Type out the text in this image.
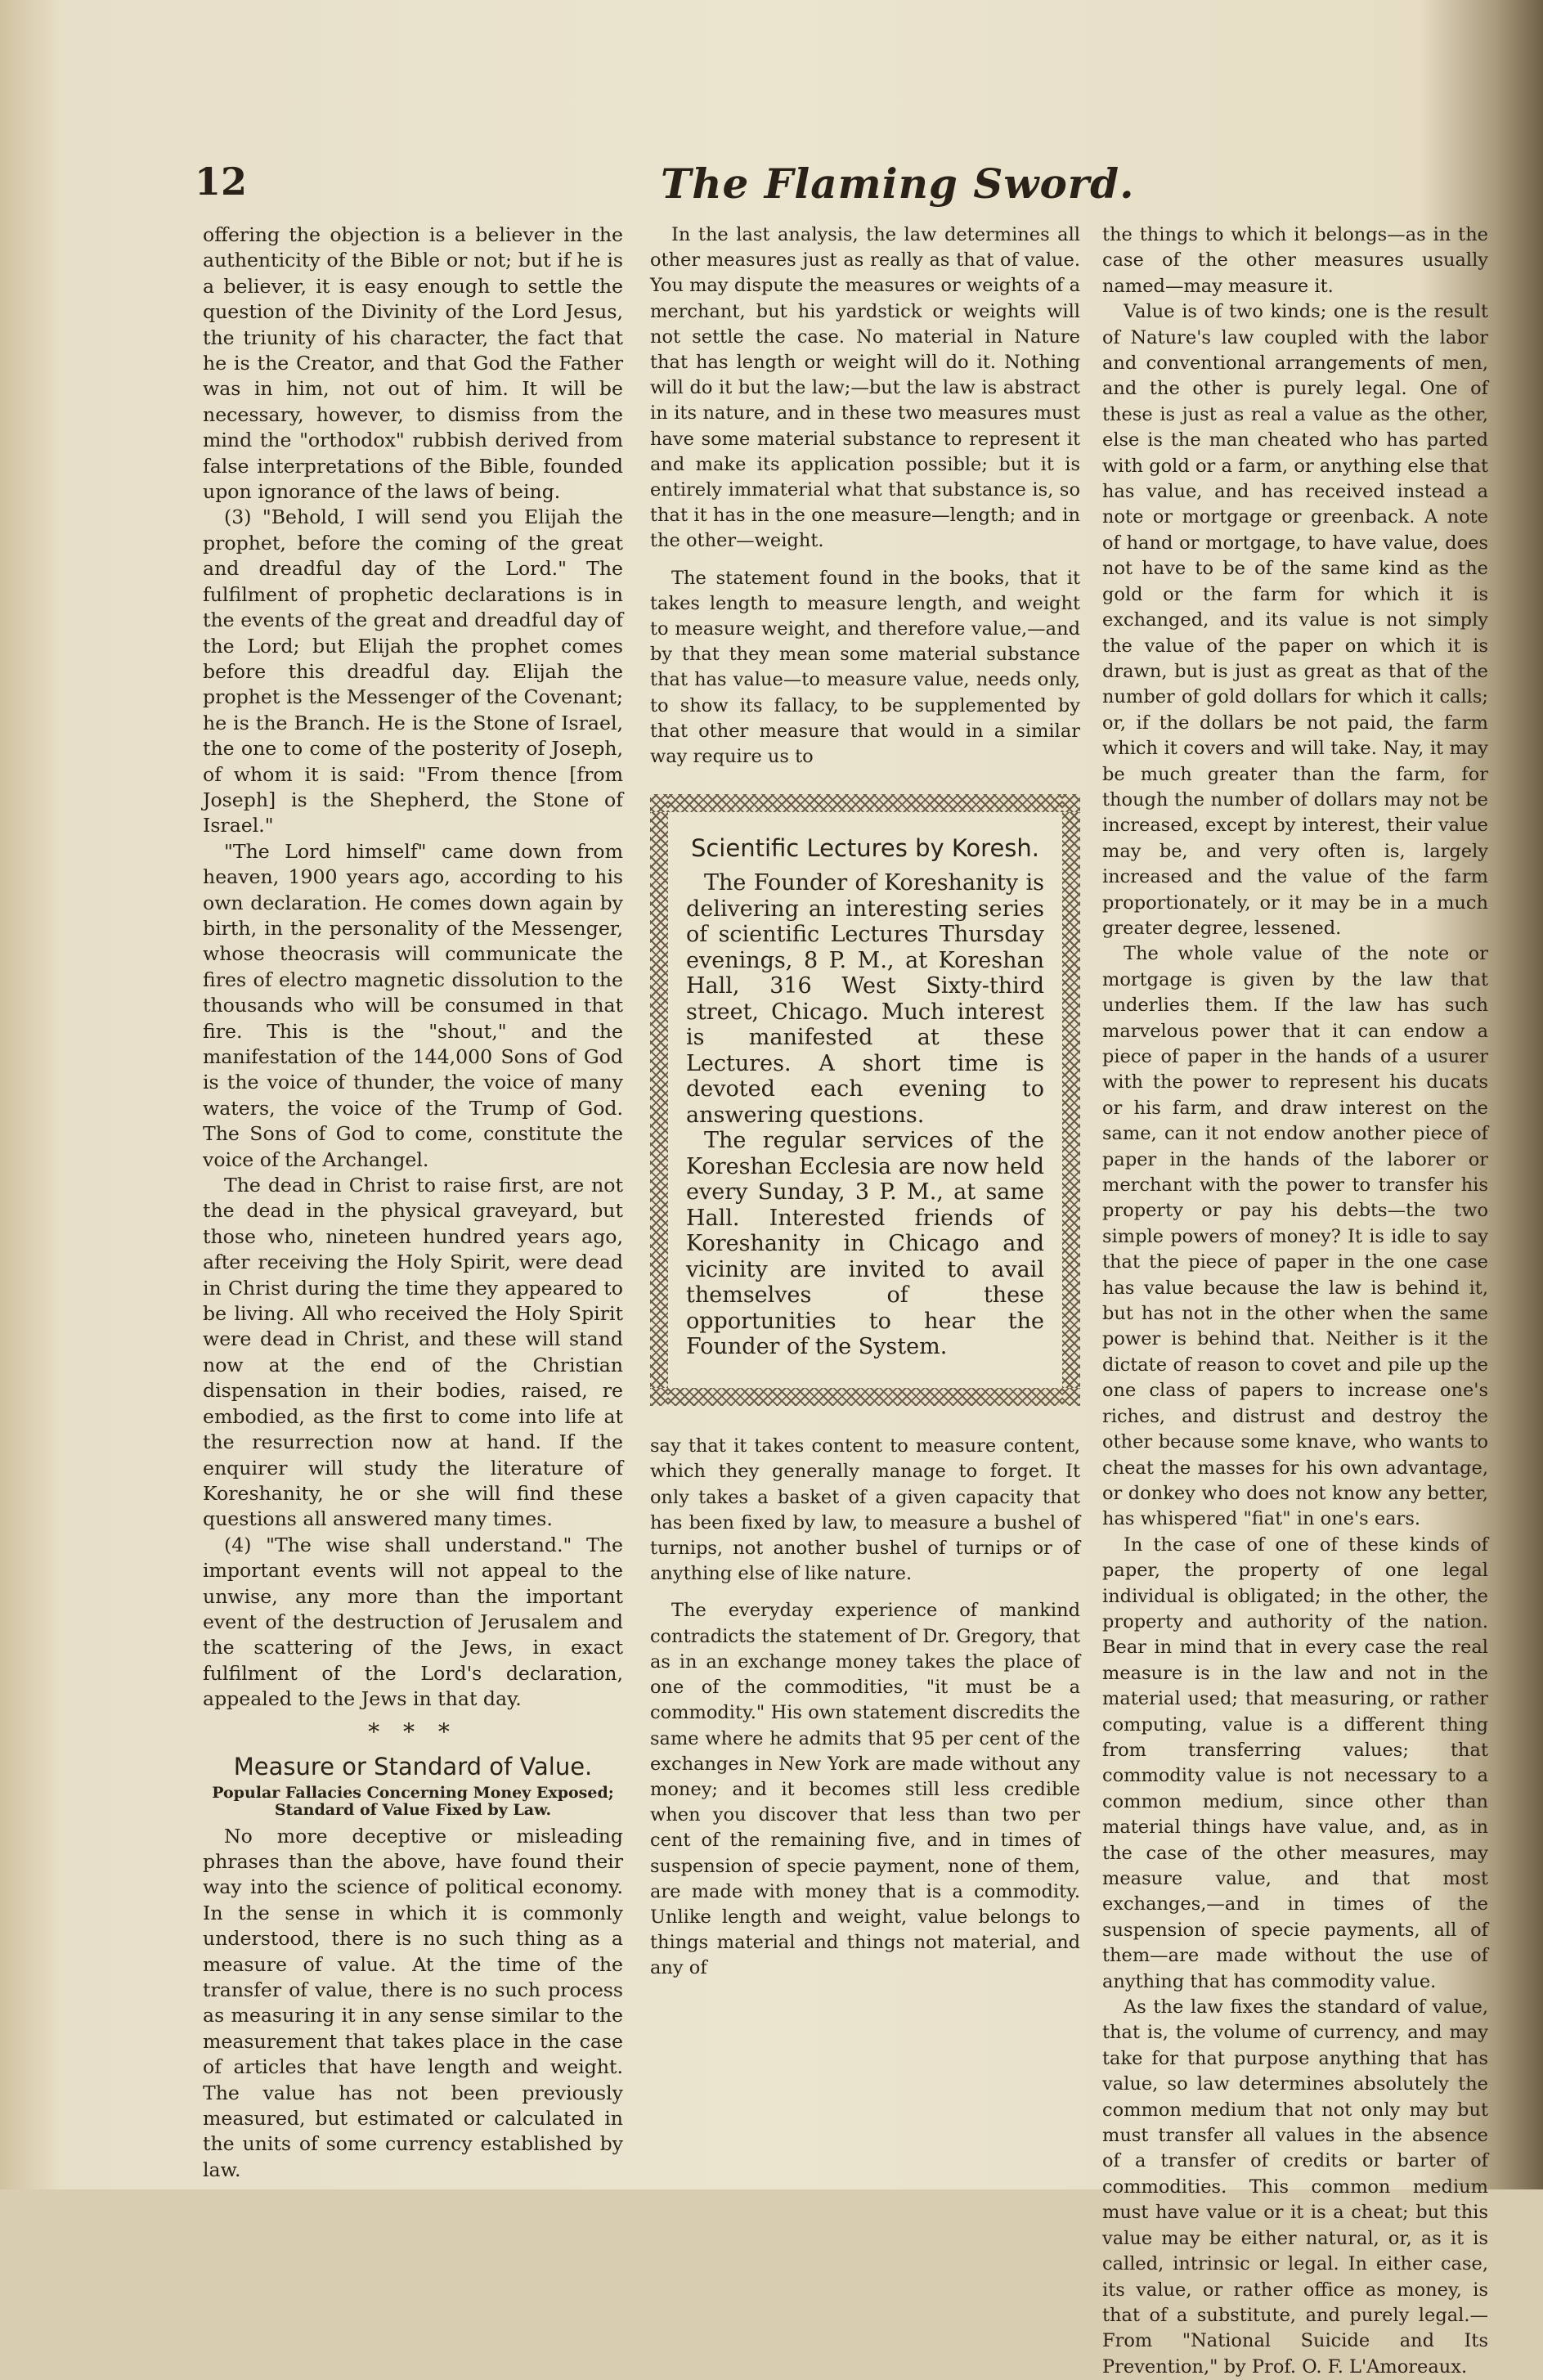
12	The Flaming Sword.

offering the objection is a believer in the authenticity of the Bible or not; but if he is a believer, it is easy enough to settle the question of the Divinity of the Lord Jesus, the triunity of his character, the fact that he is the Creator, and that God the Father was in him, not out of him. It will be necessary, however, to dismiss from the mind the "orthodox" rubbish derived from false interpretations of the Bible, founded upon ignorance of the laws of being.

(3) "Behold, I will send you Elijah the prophet, before the coming of the great and dreadful day of the Lord." The fulfilment of prophetic declarations is in the events of the great and dreadful day of the Lord; but Elijah the prophet comes before this dreadful day. Elijah the prophet is the Messenger of the Covenant; he is the Branch. He is the Stone of Israel, the one to come of the posterity of Joseph, of whom it is said: "From thence [from Joseph] is the Shepherd, the Stone of Israel."

"The Lord himself" came down from heaven, 1900 years ago, according to his own declaration. He comes down again by birth, in the personality of the Messenger, whose theocrasis will communicate the fires of electro magnetic dissolution to the thousands who will be consumed in that fire. This is the "shout," and the manifestation of the 144,000 Sons of God is the voice of thunder, the voice of many waters, the voice of the Trump of God. The Sons of God to come, constitute the voice of the Archangel.

The dead in Christ to raise first, are not the dead in the physical graveyard, but those who, nineteen hundred years ago, after receiving the Holy Spirit, were dead in Christ during the time they appeared to be living. All who received the Holy Spirit were dead in Christ, and these will stand now at the end of the Christian dispensation in their bodies, raised, re embodied, as the first to come into life at the resurrection now at hand. If the enquirer will study the literature of Koreshanity, he or she will find these questions all answered many times.

(4) "The wise shall understand." The important events will not appeal to the unwise, any more than the important event of the destruction of Jerusalem and the scattering of the Jews, in exact fulfilment of the Lord's declaration, appealed to the Jews in that day.

* * *
Measure or Standard of Value.
Popular Fallacies Concerning Money Exposed; Standard of Value Fixed by Law.

No more deceptive or misleading phrases than the above, have found their way into the science of political economy. In the sense in which it is commonly understood, there is no such thing as a measure of value. At the time of the transfer of value, there is no such process as measuring it in any sense similar to the measurement that takes place in the case of articles that have length and weight. The value has not been previously measured, but estimated or calculated in the units of some currency established by law.

In the last analysis, the law determines all other measures just as really as that of value. You may dispute the measures or weights of a merchant, but his yardstick or weights will not settle the case. No material in Nature that has length or weight will do it. Nothing will do it but the law;—but the law is abstract in its nature, and in these two measures must have some material substance to represent it and make its application possible; but it is entirely immaterial what that substance is, so that it has in the one measure—length; and in the other—weight.

The statement found in the books, that it takes length to measure length, and weight to measure weight, and therefore value,—and by that they mean some material substance that has value—to measure value, needs only, to show its fallacy, to be supplemented by that other measure that would in a similar way require us to

Scientific Lectures by Koresh.

The Founder of Koreshanity is delivering an interesting series of scientific Lectures Thursday evenings, 8 P. M., at Koreshan Hall, 316 West Sixty-third street, Chicago. Much interest is manifested at these Lectures. A short time is devoted each evening to answering questions.

The regular services of the Koreshan Ecclesia are now held every Sunday, 3 P. M., at same Hall. Interested friends of Koreshanity in Chicago and vicinity are invited to avail themselves of these opportunities to hear the Founder of the System.

say that it takes content to measure content, which they generally manage to forget. It only takes a basket of a given capacity that has been fixed by law, to measure a bushel of turnips, not another bushel of turnips or of anything else of like nature.

The everyday experience of mankind contradicts the statement of Dr. Gregory, that as in an exchange money takes the place of one of the commodities, "it must be a commodity." His own statement discredits the same where he admits that 95 per cent of the exchanges in New York are made without any money; and it becomes still less credible when you discover that less than two per cent of the remaining five, and in times of suspension of specie payment, none of them, are made with money that is a commodity. Unlike length and weight, value belongs to things material and things not material, and any of

the things to which it belongs—as in the case of the other measures usually named—may measure it.

Value is of two kinds; one is the result of Nature's law coupled with the labor and conventional arrangements of men, and the other is purely legal. One of these is just as real a value as the other, else is the man cheated who has parted with gold or a farm, or anything else that has value, and has received instead a note or mortgage or greenback. A note of hand or mortgage, to have value, does not have to be of the same kind as the gold or the farm for which it is exchanged, and its value is not simply the value of the paper on which it is drawn, but is just as great as that of the number of gold dollars for which it calls; or, if the dollars be not paid, the farm which it covers and will take. Nay, it may be much greater than the farm, for though the number of dollars may not be increased, except by interest, their value may be, and very often is, largely increased and the value of the farm proportionately, or it may be in a much greater degree, lessened.

The whole value of the note or mortgage is given by the law that underlies them. If the law has such marvelous power that it can endow a piece of paper in the hands of a usurer with the power to represent his ducats or his farm, and draw interest on the same, can it not endow another piece of paper in the hands of the laborer or merchant with the power to transfer his property or pay his debts—the two simple powers of money? It is idle to say that the piece of paper in the one case has value because the law is behind it, but has not in the other when the same power is behind that. Neither is it the dictate of reason to covet and pile up the one class of papers to increase one's riches, and distrust and destroy the other because some knave, who wants to cheat the masses for his own advantage, or donkey who does not know any better, has whispered "fiat" in one's ears.

In the case of one of these kinds of paper, the property of one legal individual is obligated; in the other, the property and authority of the nation. Bear in mind that in every case the real measure is in the law and not in the material used; that measuring, or rather computing, value is a different thing from transferring values; that commodity value is not necessary to a common medium, since other than material things have value, and, as in the case of the other measures, may measure value, and that most exchanges,—and in times of the suspension of specie payments, all of them—are made without the use of anything that has commodity value.

As the law fixes the standard of value, that is, the volume of currency, and may take for that purpose anything that has value, so law determines absolutely the common medium that not only may but must transfer all values in the absence of a transfer of credits or barter of commodities. This common medium must have value or it is a cheat; but this value may be either natural, or, as it is called, intrinsic or legal. In either case, its value, or rather office as money, is that of a substitute, and purely legal.—From "National Suicide and Its Prevention," by Prof. O. F. L'Amoreaux.
